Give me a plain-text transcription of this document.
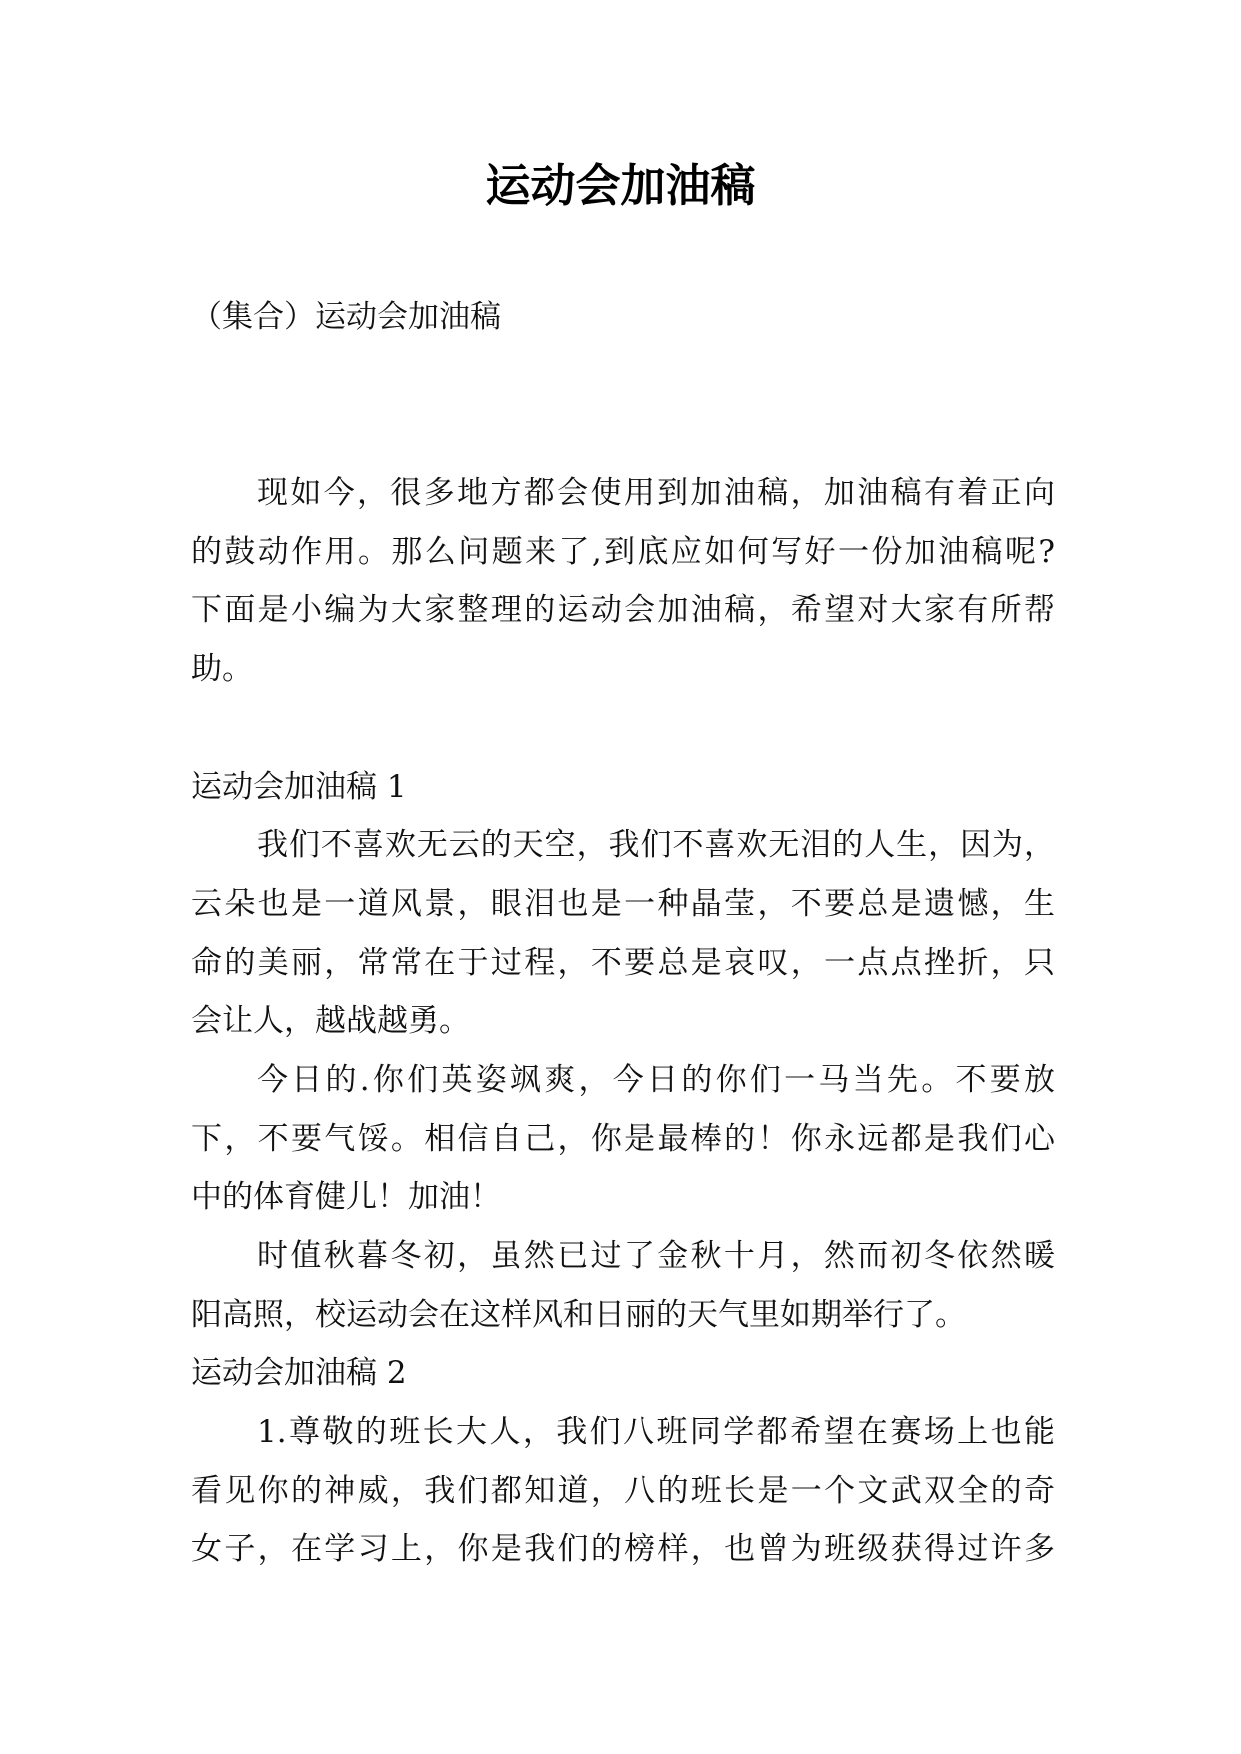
运动会加油稿
（集合）运动会加油稿
现如今，很多地方都会使用到加油稿，加油稿有着正向
的鼓动作用。那么问题来了,到底应如何写好一份加油稿呢?
下面是小编为大家整理的运动会加油稿，希望对大家有所帮
助。
运动会加油稿 1
我们不喜欢无云的天空，我们不喜欢无泪的人生，因为，
云朵也是一道风景，眼泪也是一种晶莹，不要总是遗憾，生
命的美丽，常常在于过程，不要总是哀叹，一点点挫折，只
会让人，越战越勇。
今日的.你们英姿飒爽，今日的你们一马当先。不要放
下，不要气馁。相信自己，你是最棒的！你永远都是我们心
中的体育健儿！加油！
时值秋暮冬初，虽然已过了金秋十月，然而初冬依然暖
阳高照，校运动会在这样风和日丽的天气里如期举行了。
运动会加油稿 2
1.尊敬的班长大人，我们八班同学都希望在赛场上也能
看见你的神威，我们都知道，八的班长是一个文武双全的奇
女子，在学习上，你是我们的榜样，也曾为班级获得过许多
